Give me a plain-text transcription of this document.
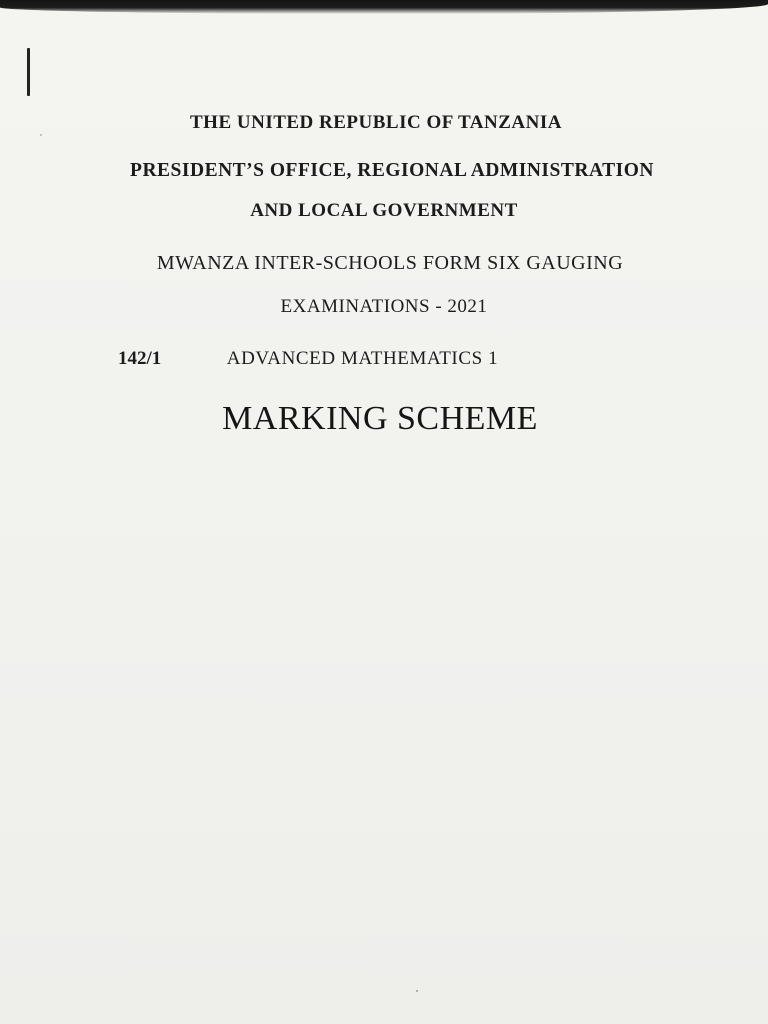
THE UNITED REPUBLIC OF TANZANIA
PRESIDENT’S OFFICE, REGIONAL ADMINISTRATION
AND LOCAL GOVERNMENT
MWANZA INTER-SCHOOLS FORM SIX GAUGING
EXAMINATIONS - 2021
142/1	ADVANCED MATHEMATICS 1
MARKING SCHEME
